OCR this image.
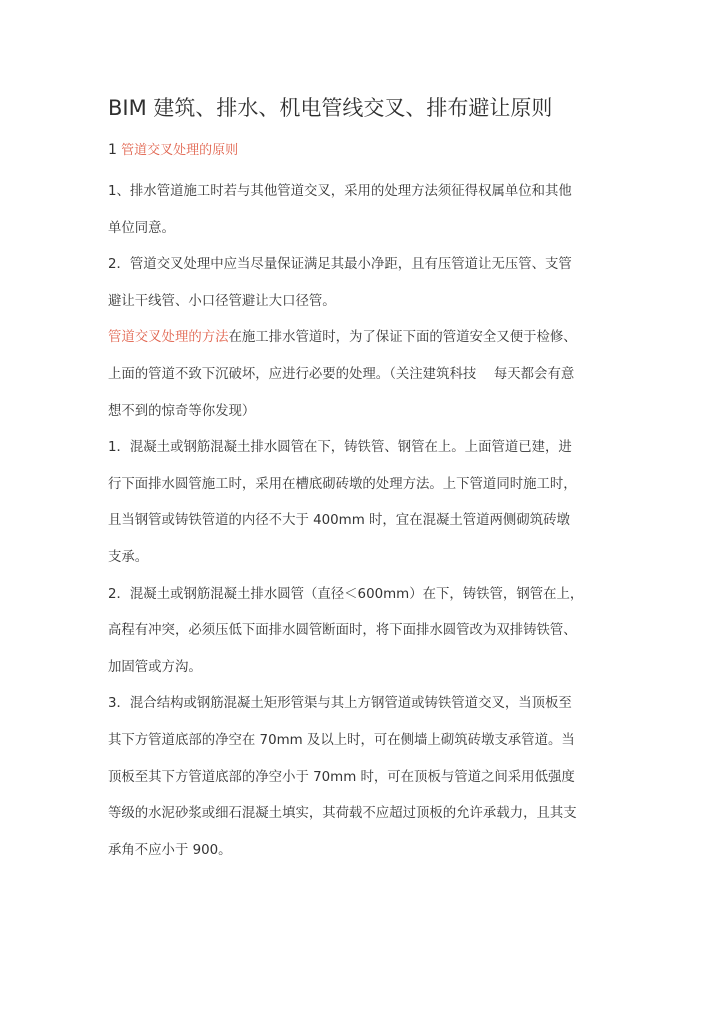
BIM 建筑、排水、机电管线交叉、排布避让原则
1 管道交叉处理的原则

1、排水管道施工时若与其他管道交叉，采用的处理方法须征得权属单位和其他
单位同意。

2．管道交叉处理中应当尽量保证满足其最小净距，且有压管道让无压管、支管
避让干线管、小口径管避让大口径管。

管道交叉处理的方法在施工排水管道时，为了保证下面的管道安全又便于检修、
上面的管道不致下沉破坏，应进行必要的处理。（关注建筑科技　 每天都会有意
想不到的惊奇等你发现）

1．混凝土或钢筋混凝土排水圆管在下，铸铁管、钢管在上。上面管道已建，进
行下面排水圆管施工时，采用在槽底砌砖墩的处理方法。上下管道同时施工时，
且当钢管或铸铁管道的内径不大于 400mm 时，宜在混凝土管道两侧砌筑砖墩
支承。

2．混凝土或钢筋混凝土排水圆管（直径＜600mm）在下，铸铁管，钢管在上，
高程有冲突，必须压低下面排水圆管断面时，将下面排水圆管改为双排铸铁管、
加固管或方沟。

3．混合结构或钢筋混凝土矩形管渠与其上方钢管道或铸铁管道交叉，当顶板至
其下方管道底部的净空在 70mm 及以上时，可在侧墙上砌筑砖墩支承管道。当
顶板至其下方管道底部的净空小于 70mm 时，可在顶板与管道之间采用低强度
等级的水泥砂浆或细石混凝土填实，其荷载不应超过顶板的允许承载力，且其支
承角不应小于 900。
